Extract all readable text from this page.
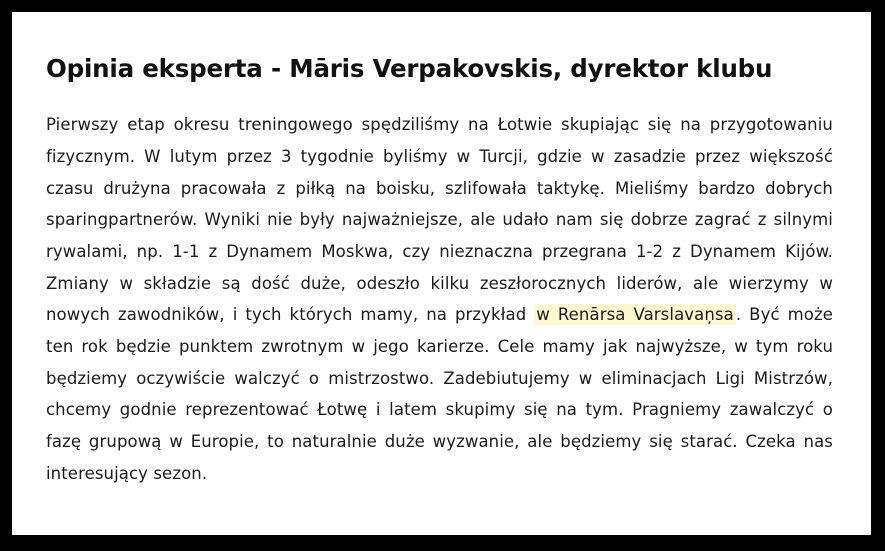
Opinia eksperta - Māris Verpakovskis, dyrektor klubu

Pierwszy etap okresu treningowego spędziliśmy na Łotwie skupiając się na przygotowaniu fizycznym. W lutym przez 3 tygodnie byliśmy w Turcji, gdzie w zasadzie przez większość czasu drużyna pracowała z piłką na boisku, szlifowała taktykę. Mieliśmy bardzo dobrych sparingpartnerów. Wyniki nie były najważniejsze, ale udało nam się dobrze zagrać z silnymi rywalami, np. 1-1 z Dynamem Moskwa, czy nieznaczna przegrana 1-2 z Dynamem Kijów. Zmiany w składzie są dość duże, odeszło kilku zeszłorocznych liderów, ale wierzymy w nowych zawodników, i tych których mamy, na przykład w Renārsa Varslavaņsa . Być może ten rok będzie punktem zwrotnym w jego karierze. Cele mamy jak najwyższe, w tym roku będziemy oczywiście walczyć o mistrzostwo. Zadebiutujemy w eliminacjach Ligi Mistrzów, chcemy godnie reprezentować Łotwę i latem skupimy się na tym. Pragniemy zawalczyć o fazę grupową w Europie, to naturalnie duże wyzwanie, ale będziemy się starać. Czeka nas interesujący sezon.
